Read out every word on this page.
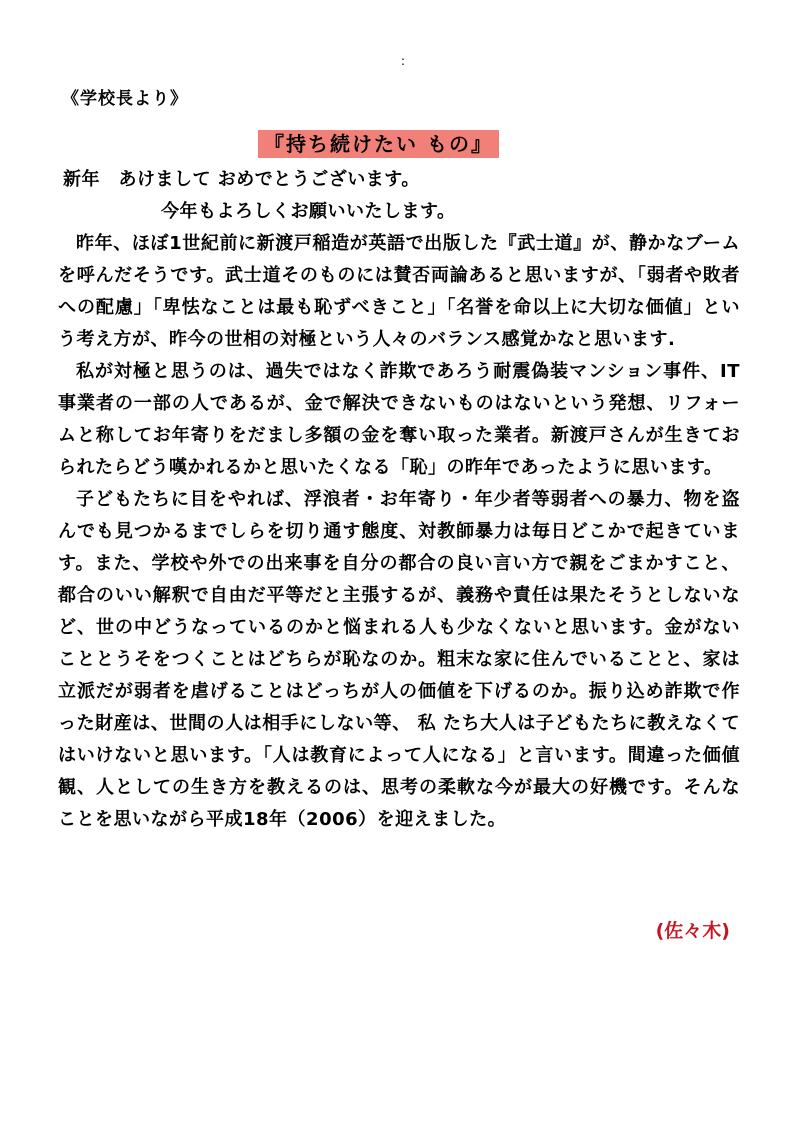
:
《学校長より》
『持ち続けたい もの』

新年　あけまして おめでとうございます。

今年もよろしくお願いいたします。

昨年、ほぼ1世紀前に新渡戸稲造が英語で出版した『武士道』が、静かなブーム を呼んだそうです。武士道そのものには賛否両論あると思いますが、「弱者や敗者への配慮」「卑怯なことは最も恥ずべきこと」「名誉を命以上に大切な価値」という考え方が、昨今の世相の対極という人々のバランス感覚かなと思います.

私が対極と思うのは、過失ではなく詐欺であろう耐震偽装マンション事件、IT事業者の一部の人であるが、金で解決できないものはないという発想、リフォームと称してお年寄りをだまし多額の金を奪い取った業者。新渡戸さんが生きておられたらどう嘆かれるかと思いたくなる「恥」の昨年であったように思います。

子どもたちに目をやれば、浮浪者・お年寄り・年少者等弱者への暴力、物を盗んでも見つかるまでしらを切り通す態度、対教師暴力は毎日どこかで起きています。また、学校や外での出来事を自分の都合の良い言い方で親をごまかすこと、都合のいい解釈で自由だ平等だと主張するが、義務や責任は果たそうとしないなど、世の中どうなっているのかと悩まれる人も少なくないと思います。金がないこととうそをつくことはどちらが恥なのか。粗末な家に住んでいることと、家は立派だが弱者を虐げることはどっちが人の価値を下げるのか。振り込め詐欺で作った財産は、世間の人は相手にしない等、 私 たち大人は子どもたちに教えなくてはいけないと思います。「人は教育によって人になる」と言います。間違った価値観、人としての生き方を教えるのは、思考の柔軟な今が最大の好機です。そんなことを思いながら平成18年（2006）を迎えました。

(佐々木)
